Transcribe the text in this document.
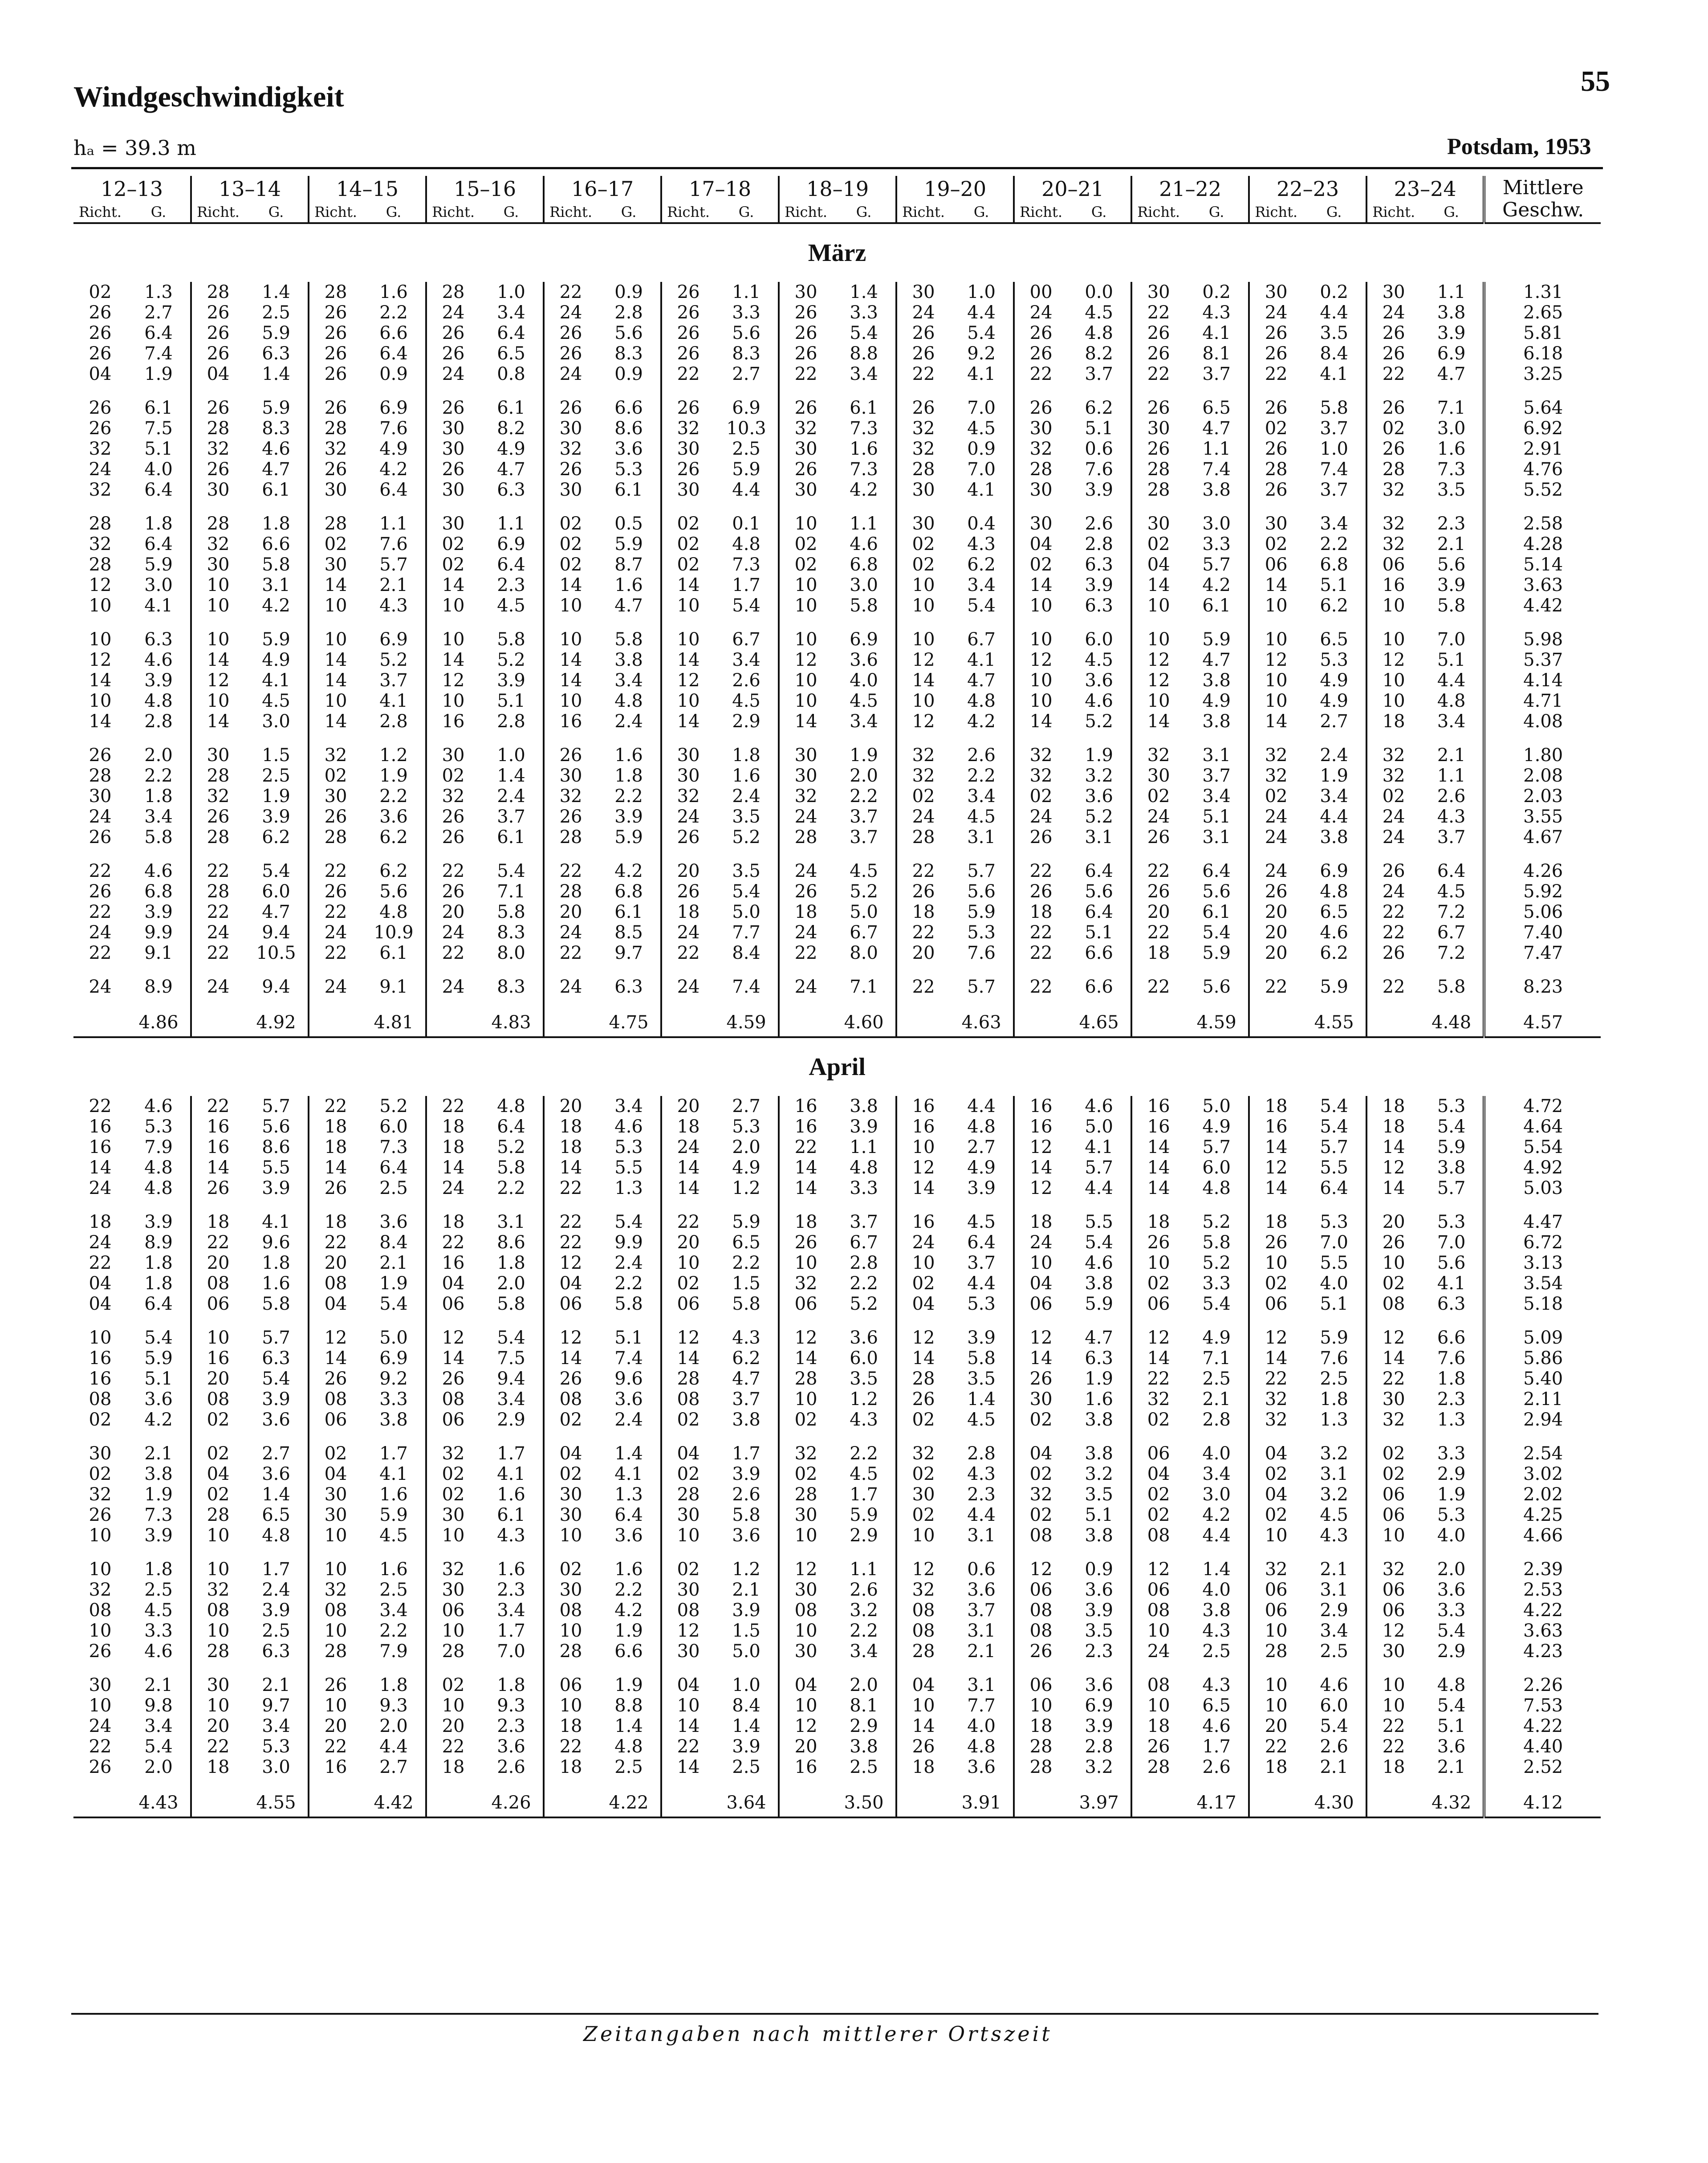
Windgeschwindigkeit	55
hₐ = 39.3 m	Potsdam, 1953
12–13		13–14		14–15		15–16		16–17		17–18		18–19		19–20		20–21		21–22		22–23		23–24		Mittlere Geschw.
Richt.	G.	Richt.	G.	Richt.	G.	Richt.	G.	Richt.	G.	Richt.	G.	Richt.	G.	Richt.	G.	Richt.	G.	Richt.	G.	Richt.	G.	Richt.	G.	
März																								
02	1.3	28	1.4	28	1.6	28	1.0	22	0.9	26	1.1	30	1.4	30	1.0	00	0.0	30	0.2	30	0.2	30	1.1	1.31
26	2.7	26	2.5	26	2.2	24	3.4	24	2.8	26	3.3	26	3.3	24	4.4	24	4.5	22	4.3	24	4.4	24	3.8	2.65
26	6.4	26	5.9	26	6.6	26	6.4	26	5.6	26	5.6	26	5.4	26	5.4	26	4.8	26	4.1	26	3.5	26	3.9	5.81
26	7.4	26	6.3	26	6.4	26	6.5	26	8.3	26	8.3	26	8.8	26	9.2	26	8.2	26	8.1	26	8.4	26	6.9	6.18
04	1.9	04	1.4	26	0.9	24	0.8	24	0.9	22	2.7	22	3.4	22	4.1	22	3.7	22	3.7	22	4.1	22	4.7	3.25

26	6.1	26	5.9	26	6.9	26	6.1	26	6.6	26	6.9	26	6.1	26	7.0	26	6.2	26	6.5	26	5.8	26	7.1	5.64
26	7.5	28	8.3	28	7.6	30	8.2	30	8.6	32	10.3	32	7.3	32	4.5	30	5.1	30	4.7	02	3.7	02	3.0	6.92
32	5.1	32	4.6	32	4.9	30	4.9	32	3.6	30	2.5	30	1.6	32	0.9	32	0.6	26	1.1	26	1.0	26	1.6	2.91
24	4.0	26	4.7	26	4.2	26	4.7	26	5.3	26	5.9	26	7.3	28	7.0	28	7.6	28	7.4	28	7.4	28	7.3	4.76
32	6.4	30	6.1	30	6.4	30	6.3	30	6.1	30	4.4	30	4.2	30	4.1	30	3.9	28	3.8	26	3.7	32	3.5	5.52

28	1.8	28	1.8	28	1.1	30	1.1	02	0.5	02	0.1	10	1.1	30	0.4	30	2.6	30	3.0	30	3.4	32	2.3	2.58
32	6.4	32	6.6	02	7.6	02	6.9	02	5.9	02	4.8	02	4.6	02	4.3	04	2.8	02	3.3	02	2.2	32	2.1	4.28
28	5.9	30	5.8	30	5.7	02	6.4	02	8.7	02	7.3	02	6.8	02	6.2	02	6.3	04	5.7	06	6.8	06	5.6	5.14
12	3.0	10	3.1	14	2.1	14	2.3	14	1.6	14	1.7	10	3.0	10	3.4	14	3.9	14	4.2	14	5.1	16	3.9	3.63
10	4.1	10	4.2	10	4.3	10	4.5	10	4.7	10	5.4	10	5.8	10	5.4	10	6.3	10	6.1	10	6.2	10	5.8	4.42

10	6.3	10	5.9	10	6.9	10	5.8	10	5.8	10	6.7	10	6.9	10	6.7	10	6.0	10	5.9	10	6.5	10	7.0	5.98
12	4.6	14	4.9	14	5.2	14	5.2	14	3.8	14	3.4	12	3.6	12	4.1	12	4.5	12	4.7	12	5.3	12	5.1	5.37
14	3.9	12	4.1	14	3.7	12	3.9	14	3.4	12	2.6	10	4.0	14	4.7	10	3.6	12	3.8	10	4.9	10	4.4	4.14
10	4.8	10	4.5	10	4.1	10	5.1	10	4.8	10	4.5	10	4.5	10	4.8	10	4.6	10	4.9	10	4.9	10	4.8	4.71
14	2.8	14	3.0	14	2.8	16	2.8	16	2.4	14	2.9	14	3.4	12	4.2	14	5.2	14	3.8	14	2.7	18	3.4	4.08

26	2.0	30	1.5	32	1.2	30	1.0	26	1.6	30	1.8	30	1.9	32	2.6	32	1.9	32	3.1	32	2.4	32	2.1	1.80
28	2.2	28	2.5	02	1.9	02	1.4	30	1.8	30	1.6	30	2.0	32	2.2	32	3.2	30	3.7	32	1.9	32	1.1	2.08
30	1.8	32	1.9	30	2.2	32	2.4	32	2.2	32	2.4	32	2.2	02	3.4	02	3.6	02	3.4	02	3.4	02	2.6	2.03
24	3.4	26	3.9	26	3.6	26	3.7	26	3.9	24	3.5	24	3.7	24	4.5	24	5.2	24	5.1	24	4.4	24	4.3	3.55
26	5.8	28	6.2	28	6.2	26	6.1	28	5.9	26	5.2	28	3.7	28	3.1	26	3.1	26	3.1	24	3.8	24	3.7	4.67

22	4.6	22	5.4	22	6.2	22	5.4	22	4.2	20	3.5	24	4.5	22	5.7	22	6.4	22	6.4	24	6.9	26	6.4	4.26
26	6.8	28	6.0	26	5.6	26	7.1	28	6.8	26	5.4	26	5.2	26	5.6	26	5.6	26	5.6	26	4.8	24	4.5	5.92
22	3.9	22	4.7	22	4.8	20	5.8	20	6.1	18	5.0	18	5.0	18	5.9	18	6.4	20	6.1	20	6.5	22	7.2	5.06
24	9.9	24	9.4	24	10.9	24	8.3	24	8.5	24	7.7	24	6.7	22	5.3	22	5.1	22	5.4	20	4.6	22	6.7	7.40
22	9.1	22	10.5	22	6.1	22	8.0	22	9.7	22	8.4	22	8.0	20	7.6	22	6.6	18	5.9	20	6.2	26	7.2	7.47

24	8.9	24	9.4	24	9.1	24	8.3	24	6.3	24	7.4	24	7.1	22	5.7	22	6.6	22	5.6	22	5.9	22	5.8	8.23
	4.86		4.92		4.81		4.83		4.75		4.59		4.60		4.63		4.65		4.59		4.55		4.48	4.57
April																								
22	4.6	22	5.7	22	5.2	22	4.8	20	3.4	20	2.7	16	3.8	16	4.4	16	4.6	16	5.0	18	5.4	18	5.3	4.72
16	5.3	16	5.6	18	6.0	18	6.4	18	4.6	18	5.3	16	3.9	16	4.8	16	5.0	16	4.9	16	5.4	18	5.4	4.64
16	7.9	16	8.6	18	7.3	18	5.2	18	5.3	24	2.0	22	1.1	10	2.7	12	4.1	14	5.7	14	5.7	14	5.9	5.54
14	4.8	14	5.5	14	6.4	14	5.8	14	5.5	14	4.9	14	4.8	12	4.9	14	5.7	14	6.0	12	5.5	12	3.8	4.92
24	4.8	26	3.9	26	2.5	24	2.2	22	1.3	14	1.2	14	3.3	14	3.9	12	4.4	14	4.8	14	6.4	14	5.7	5.03

18	3.9	18	4.1	18	3.6	18	3.1	22	5.4	22	5.9	18	3.7	16	4.5	18	5.5	18	5.2	18	5.3	20	5.3	4.47
24	8.9	22	9.6	22	8.4	22	8.6	22	9.9	20	6.5	26	6.7	24	6.4	24	5.4	26	5.8	26	7.0	26	7.0	6.72
22	1.8	20	1.8	20	2.1	16	1.8	12	2.4	10	2.2	10	2.8	10	3.7	10	4.6	10	5.2	10	5.5	10	5.6	3.13
04	1.8	08	1.6	08	1.9	04	2.0	04	2.2	02	1.5	32	2.2	02	4.4	04	3.8	02	3.3	02	4.0	02	4.1	3.54
04	6.4	06	5.8	04	5.4	06	5.8	06	5.8	06	5.8	06	5.2	04	5.3	06	5.9	06	5.4	06	5.1	08	6.3	5.18

10	5.4	10	5.7	12	5.0	12	5.4	12	5.1	12	4.3	12	3.6	12	3.9	12	4.7	12	4.9	12	5.9	12	6.6	5.09
16	5.9	16	6.3	14	6.9	14	7.5	14	7.4	14	6.2	14	6.0	14	5.8	14	6.3	14	7.1	14	7.6	14	7.6	5.86
16	5.1	20	5.4	26	9.2	26	9.4	26	9.6	28	4.7	28	3.5	28	3.5	26	1.9	22	2.5	22	2.5	22	1.8	5.40
08	3.6	08	3.9	08	3.3	08	3.4	08	3.6	08	3.7	10	1.2	26	1.4	30	1.6	32	2.1	32	1.8	30	2.3	2.11
02	4.2	02	3.6	06	3.8	06	2.9	02	2.4	02	3.8	02	4.3	02	4.5	02	3.8	02	2.8	32	1.3	32	1.3	2.94

30	2.1	02	2.7	02	1.7	32	1.7	04	1.4	04	1.7	32	2.2	32	2.8	04	3.8	06	4.0	04	3.2	02	3.3	2.54
02	3.8	04	3.6	04	4.1	02	4.1	02	4.1	02	3.9	02	4.5	02	4.3	02	3.2	04	3.4	02	3.1	02	2.9	3.02
32	1.9	02	1.4	30	1.6	02	1.6	30	1.3	28	2.6	28	1.7	30	2.3	32	3.5	02	3.0	04	3.2	06	1.9	2.02
26	7.3	28	6.5	30	5.9	30	6.1	30	6.4	30	5.8	30	5.9	02	4.4	02	5.1	02	4.2	02	4.5	06	5.3	4.25
10	3.9	10	4.8	10	4.5	10	4.3	10	3.6	10	3.6	10	2.9	10	3.1	08	3.8	08	4.4	10	4.3	10	4.0	4.66

10	1.8	10	1.7	10	1.6	32	1.6	02	1.6	02	1.2	12	1.1	12	0.6	12	0.9	12	1.4	32	2.1	32	2.0	2.39
32	2.5	32	2.4	32	2.5	30	2.3	30	2.2	30	2.1	30	2.6	32	3.6	06	3.6	06	4.0	06	3.1	06	3.6	2.53
08	4.5	08	3.9	08	3.4	06	3.4	08	4.2	08	3.9	08	3.2	08	3.7	08	3.9	08	3.8	06	2.9	06	3.3	4.22
10	3.3	10	2.5	10	2.2	10	1.7	10	1.9	12	1.5	10	2.2	08	3.1	08	3.5	10	4.3	10	3.4	12	5.4	3.63
26	4.6	28	6.3	28	7.9	28	7.0	28	6.6	30	5.0	30	3.4	28	2.1	26	2.3	24	2.5	28	2.5	30	2.9	4.23

30	2.1	30	2.1	26	1.8	02	1.8	06	1.9	04	1.0	04	2.0	04	3.1	06	3.6	08	4.3	10	4.6	10	4.8	2.26
10	9.8	10	9.7	10	9.3	10	9.3	10	8.8	10	8.4	10	8.1	10	7.7	10	6.9	10	6.5	10	6.0	10	5.4	7.53
24	3.4	20	3.4	20	2.0	20	2.3	18	1.4	14	1.4	12	2.9	14	4.0	18	3.9	18	4.6	20	5.4	22	5.1	4.22
22	5.4	22	5.3	22	4.4	22	3.6	22	4.8	22	3.9	20	3.8	26	4.8	28	2.8	26	1.7	22	2.6	22	3.6	4.40
26	2.0	18	3.0	16	2.7	18	2.6	18	2.5	14	2.5	16	2.5	18	3.6	28	3.2	28	2.6	18	2.1	18	2.1	2.52
	4.43		4.55		4.42		4.26		4.22		3.64		3.50		3.91		3.97		4.17		4.30		4.32	4.12
Zeitangaben nach mittlerer Ortszeit
